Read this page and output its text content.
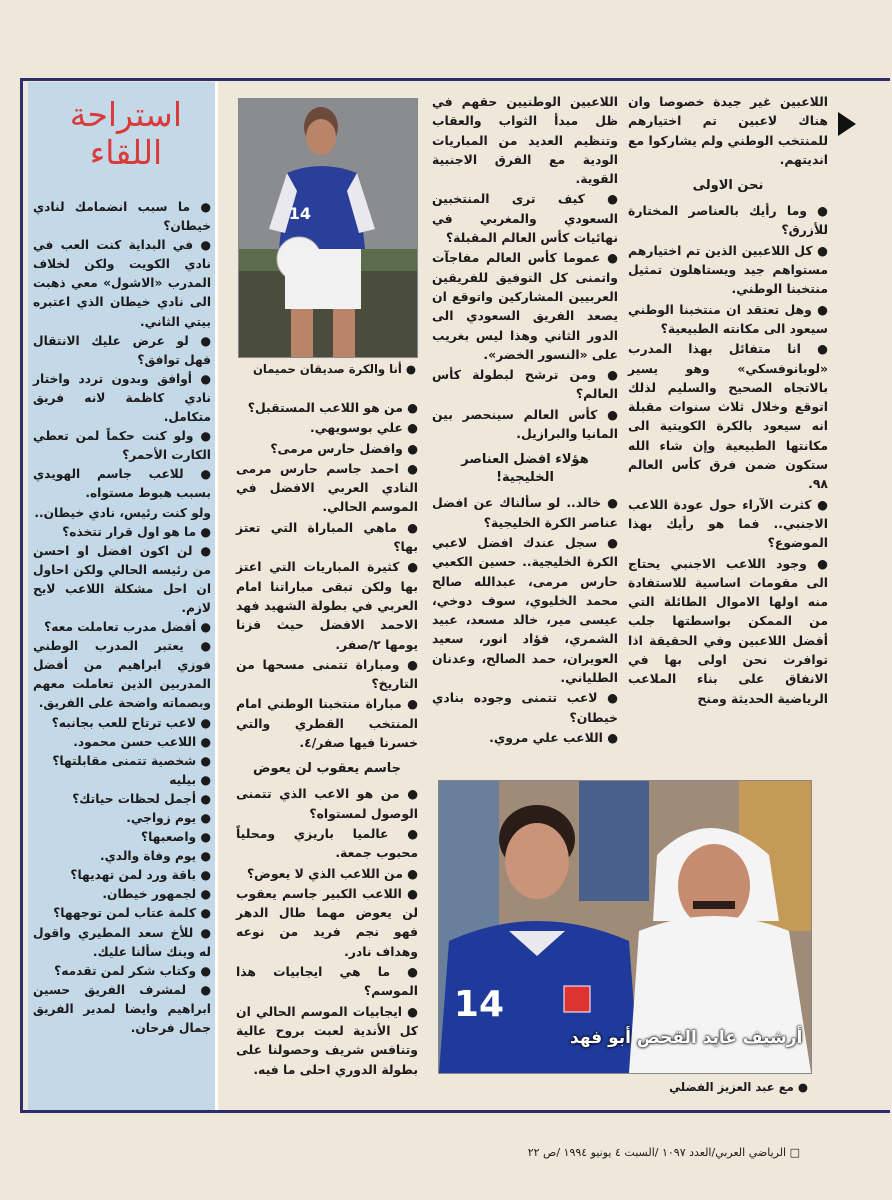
استراحة اللقاء

● ما سبب انضمامك لنادي خيطان؟

● في البداية كنت العب في نادي الكويت ولكن لخلاف المدرب «الاشول» معي ذهبت الى نادي خيطان الذي اعتبره بيتي الثاني.

● لو عرض عليك الانتقال فهل توافق؟

● أوافق وبدون تردد واختار نادي كاظمة لانه فريق متكامل.

● ولو كنت حكماً لمن تعطي الكارت الأحمر؟

● للاعب جاسم الهويدي بسبب هبوط مستواه.

ولو كنت رئيس، نادي خيطان..

● ما هو اول قرار تتخذه؟

● لن اكون افضل او احسن من رئيسه الحالي ولكن احاول ان احل مشكلة اللاعب لايح لازم.

● أفضل مدرب تعاملت معه؟

● يعتبر المدرب الوطني فوزي ابراهيم من أفضل المدربين الذين تعاملت معهم وبصماته واضحة على الفريق.

● لاعب ترتاح للعب بجانبه؟

● اللاعب حسن محمود.

● شخصية تتمنى مقابلتها؟

● بيليه

● أجمل لحظات حياتك؟

● يوم زواجي.

● واصعبها؟

● يوم وفاة والدي.

● باقة ورد لمن تهديها؟

● لجمهور خيطان.

● كلمة عتاب لمن توجهها؟

● للأخ سعد المطيري واقول له وينك سألنا عليك.

● وكتاب شكر لمن تقدمه؟

● لمشرف الفريق حسين ابراهيم وايضا لمدير الفريق جمال فرحان.

اللاعبين غير جيدة خصوصا وان هناك لاعبين تم اختيارهم للمنتخب الوطني ولم يشاركوا مع انديتهم.

نحن الاولى

● وما رأيك بالعناصر المختارة للأزرق؟

● كل اللاعبين الذين تم اختيارهم مستواهم جيد ويستاهلون تمثيل منتخبنا الوطني.

● وهل تعتقد ان منتخبنا الوطني سيعود الى مكانته الطبيعية؟

● انا متفائل بهذا المدرب «لوبانوفسكي» وهو يسير بالاتجاه الصحيح والسليم لذلك اتوقع وخلال ثلاث سنوات مقبلة انه سيعود بالكرة الكويتية الى مكانتها الطبيعية وإن شاء الله ستكون ضمن فرق كأس العالم ٩٨.

● كثرت الآراء حول عودة اللاعب الاجنبي.. فما هو رأيك بهذا الموضوع؟

● وجود اللاعب الاجنبي يحتاج الى مقومات اساسية للاستفادة منه اولها الاموال الطائلة التي من الممكن بواسطتها جلب أفضل اللاعبين وفي الحقيقة اذا توافرت نحن اولى بها في الانفاق على بناء الملاعب الرياضية الحديثة ومنح

اللاعبين الوطنيين حقهم في ظل مبدأ الثواب والعقاب وتنظيم العديد من المباريات الودية مع الفرق الاجنبية القوية.

● كيف ترى المنتخبين السعودي والمغربي في نهائيات كأس العالم المقبلة؟

● عموما كأس العالم مفاجآت واتمنى كل التوفيق للفريقين العربيين المشاركين واتوقع ان يصعد الفريق السعودي الى الدور الثاني وهذا ليس بغريب على «النسور الخضر».

● ومن ترشح لبطولة كأس العالم؟

● كأس العالم سينحصر بين المانيا والبرازيل.

هؤلاء افضل العناصر الخليجية!

● خالد.. لو سألناك عن افضل عناصر الكرة الخليجية؟

● سجل عندك افضل لاعبي الكرة الخليجية.. حسين الكعبي حارس مرمى، عبدالله صالح محمد الخليوي، سوف دوخي، عيسى مير، خالد مسعد، عبيد الشمري، فؤاد انور، سعيد العويران، حمد الصالح، وعدنان الطلياني.

● لاعب تتمنى وجوده بنادي خيطان؟

● اللاعب علي مروي.

● من هو اللاعب المستقبل؟

● علي بوسويهي.

● وافضل حارس مرمى؟

● احمد جاسم حارس مرمى النادي العربي الافضل في الموسم الحالي.

● ماهي المباراة التي تعتز بها؟

● كثيرة المباريات التي اعتز بها ولكن تبقى مباراتنا امام العربي في بطولة الشهيد فهد الاحمد الافضل حيث فزنا يومها ٢/صفر.

● ومباراة تتمنى مسحها من التاريخ؟

● مباراة منتخبنا الوطني امام المنتخب القطري والتي خسرنا فيها صفر/٤.

جاسم يعقوب لن يعوض

● من هو الاعب الذي تتمنى الوصول لمستواه؟

● عالميا باريزي ومحلياً محبوب جمعة.

● من اللاعب الذي لا يعوض؟

● اللاعب الكبير جاسم يعقوب لن يعوض مهما طال الدهر فهو نجم فريد من نوعه وهداف نادر.

● ما هي ايجابيات هذا الموسم؟

● ايجابيات الموسم الحالي ان كل الأندية لعبت بروح عالية وتنافس شريف وحصولنا على بطولة الدوري احلى ما فيه.

14
● أنا والكرة صديقان حميمان
14
أرشيف عايد القحص أبو فهد
● مع عبد العزيز الفضلي
□ الرياضي العربي/العدد ١٠٩٧ /السبت ٤ يونيو ١٩٩٤ /ص ٢٢
